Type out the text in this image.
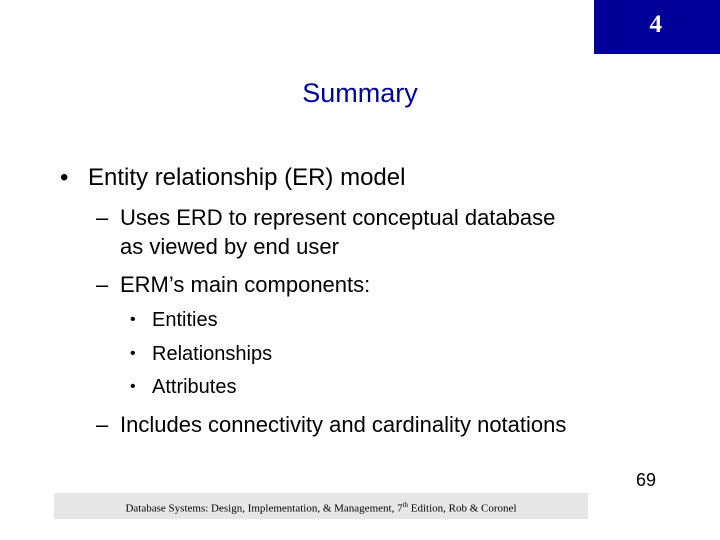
4
Summary
• Entity relationship (ER) model
– Uses ERD to represent conceptual database
as viewed by end user
– ERM’s main components:
• Entities
• Relationships
• Attributes
– Includes connectivity and cardinality notations
Database Systems: Design, Implementation, & Management, 7th Edition, Rob & Coronel
69
